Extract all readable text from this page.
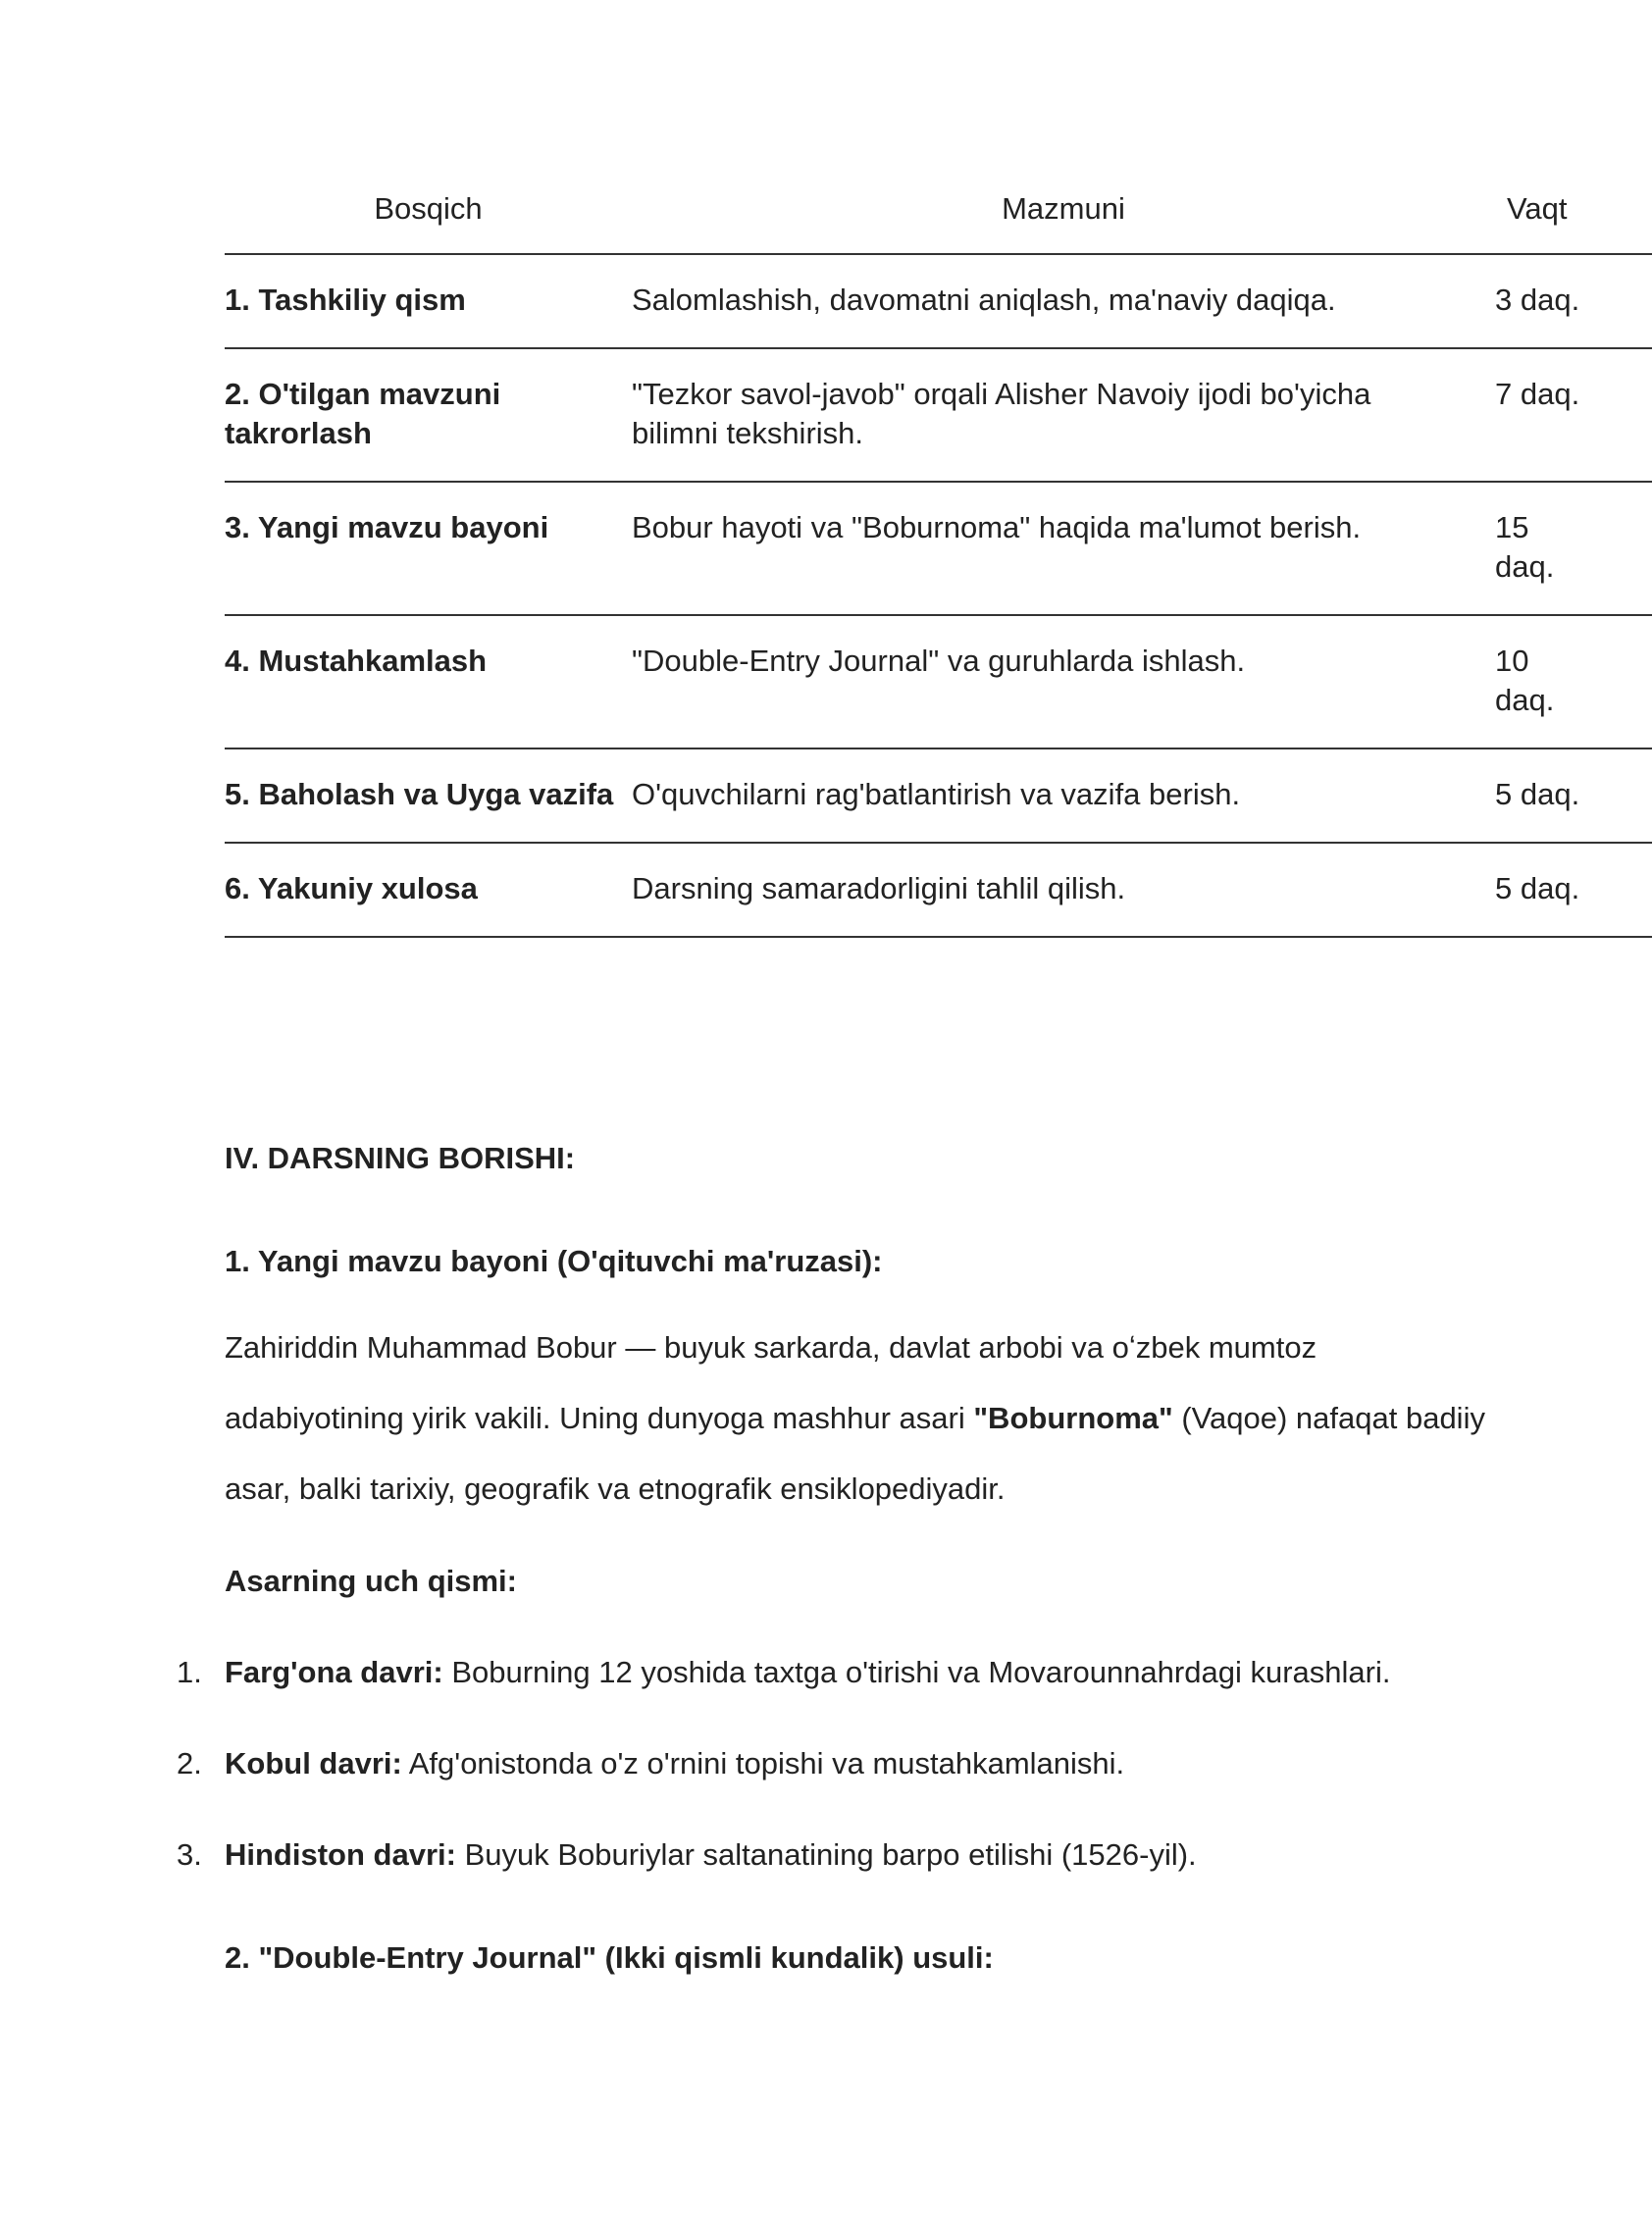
Bosqich	Mazmuni	Vaqt
1. Tashkiliy qism	Salomlashish, davomatni aniqlash, ma'naviy daqiqa.	3 daq.
2. O'tilgan mavzuni takrorlash	"Tezkor savol-javob" orqali Alisher Navoiy ijodi bo'yicha bilimni tekshirish.	7 daq.
3. Yangi mavzu bayoni	Bobur hayoti va "Boburnoma" haqida ma'lumot berish.	15 daq.
4. Mustahkamlash	"Double-Entry Journal" va guruhlarda ishlash.	10 daq.
5. Baholash va Uyga vazifa	O'quvchilarni rag'batlantirish va vazifa berish.	5 daq.
6. Yakuniy xulosa	Darsning samaradorligini tahlil qilish.	5 daq.
IV. DARSNING BORISHI:
1. Yangi mavzu bayoni (O'qituvchi ma'ruzasi):
Zahiriddin Muhammad Bobur — buyuk sarkarda, davlat arbobi va oʻzbek mumtoz adabiyotining yirik vakili. Uning dunyoga mashhur asari "Boburnoma" (Vaqoe) nafaqat badiiy asar, balki tarixiy, geografik va etnografik ensiklopediyadir.
Asarning uch qismi:
1. Farg'ona davri: Boburning 12 yoshida taxtga o'tirishi va Movarounnahrdagi kurashlari.
2. Kobul davri: Afg'onistonda o'z o'rnini topishi va mustahkamlanishi.
3. Hindiston davri: Buyuk Boburiylar saltanatining barpo etilishi (1526-yil).
2. "Double-Entry Journal" (Ikki qismli kundalik) usuli:
